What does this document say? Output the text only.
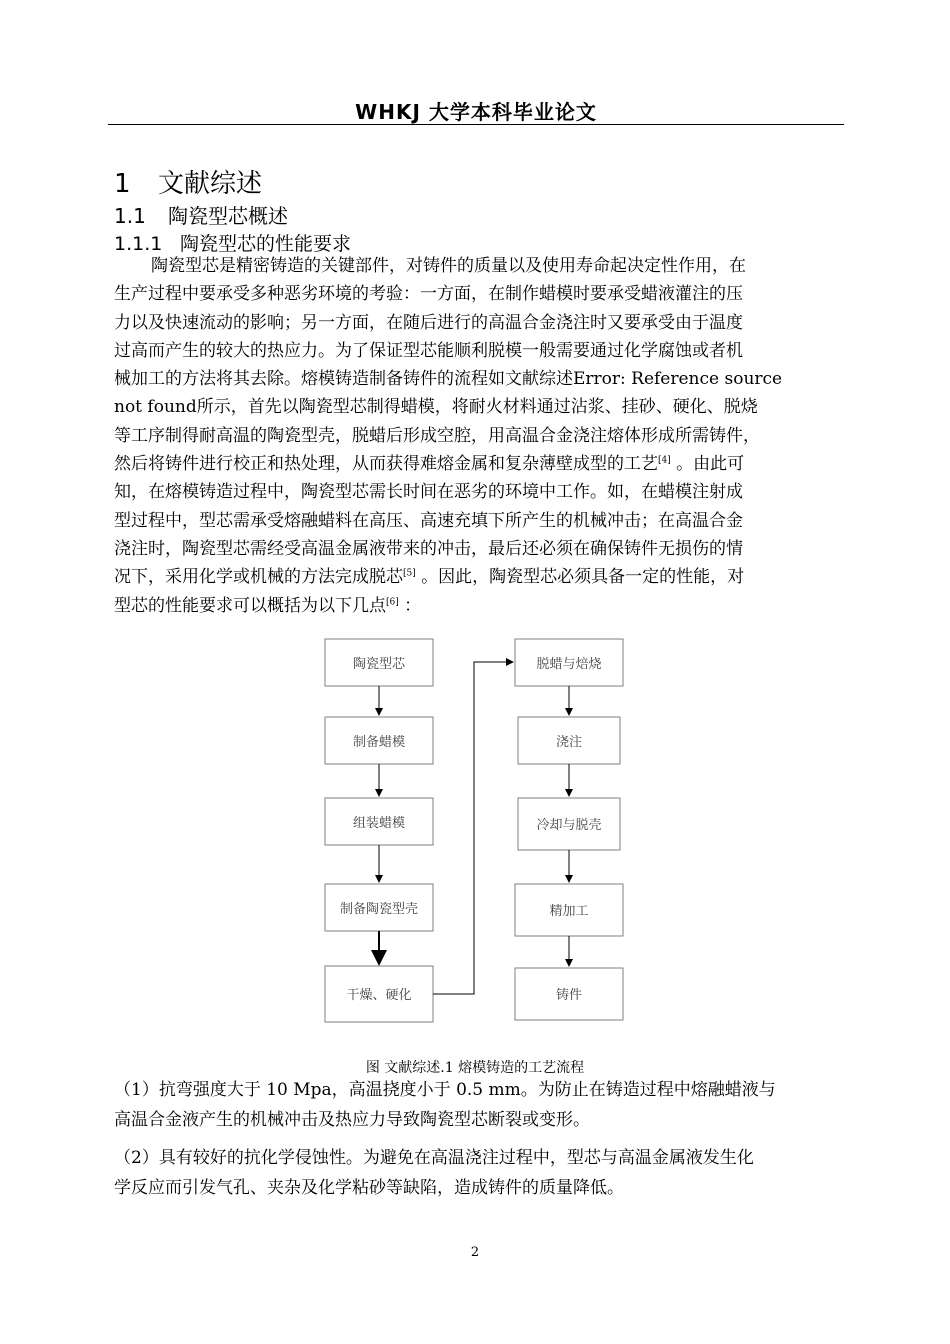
WHKJ 大学本科毕业论文
1 文献综述
1.1 陶瓷型芯概述
1.1.1 陶瓷型芯的性能要求
陶瓷型芯是精密铸造的关键部件，对铸件的质量以及使用寿命起决定性作用，在
生产过程中要承受多种恶劣环境的考验：一方面，在制作蜡模时要承受蜡液灌注的压
力以及快速流动的影响；另一方面，在随后进行的高温合金浇注时又要承受由于温度
过高而产生的较大的热应力。为了保证型芯能顺利脱模一般需要通过化学腐蚀或者机
械加工的方法将其去除。熔模铸造制备铸件的流程如文献综述Error: Reference source
not found所示，首先以陶瓷型芯制得蜡模，将耐火材料通过沾浆、挂砂、硬化、脱烧
等工序制得耐高温的陶瓷型壳，脱蜡后形成空腔，用高温合金浇注熔体形成所需铸件，
然后将铸件进行校正和热处理，从而获得难熔金属和复杂薄壁成型的工艺[4] 。由此可
知，在熔模铸造过程中，陶瓷型芯需长时间在恶劣的环境中工作。如，在蜡模注射成
型过程中，型芯需承受熔融蜡料在高压、高速充填下所产生的机械冲击；在高温合金
浇注时，陶瓷型芯需经受高温金属液带来的冲击，最后还必须在确保铸件无损伤的情
况下，采用化学或机械的方法完成脱芯[5] 。因此，陶瓷型芯必须具备一定的性能，对
型芯的性能要求可以概括为以下几点[6] ：
陶瓷型芯
制备蜡模
组装蜡模
制备陶瓷型壳
干燥、硬化
脱蜡与焙烧
浇注
冷却与脱壳
精加工
铸件
图 文献综述.1 熔模铸造的工艺流程
（1）抗弯强度大于 10 Mpa，高温挠度小于 0.5 mm。为防止在铸造过程中熔融蜡液与
高温合金液产生的机械冲击及热应力导致陶瓷型芯断裂或变形。
（2）具有较好的抗化学侵蚀性。为避免在高温浇注过程中，型芯与高温金属液发生化
学反应而引发气孔、夹杂及化学粘砂等缺陷，造成铸件的质量降低。
2
